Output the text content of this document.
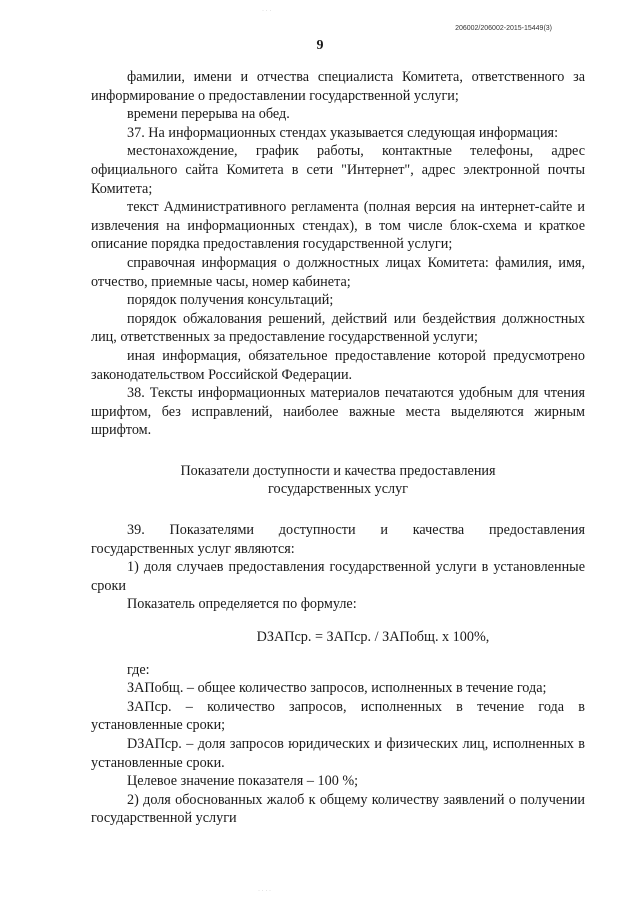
206002/206002-2015-15449(3)
9

фамилии, имени и отчества специалиста Комитета, ответственного за информирование о предоставлении государственной услуги;

времени перерыва на обед.

37. На информационных стендах указывается следующая информация:

местонахождение, график работы, контактные телефоны, адрес официального сайта Комитета в сети "Интернет", адрес электронной почты Комитета;

текст Административного регламента (полная версия на интернет-сайте и извлечения на информационных стендах), в том числе блок-схема и краткое описание порядка предоставления государственной услуги;

справочная информация о должностных лицах Комитета: фамилия, имя, отчество, приемные часы, номер кабинета;

порядок получения консультаций;

порядок обжалования решений, действий или бездействия должностных лиц, ответственных за предоставление государственной услуги;

иная информация, обязательное предоставление которой предусмотрено законодательством Российской Федерации.

38. Тексты информационных материалов печатаются удобным для чтения шрифтом, без исправлений, наиболее важные места выделяются жирным шрифтом.

Показатели доступности и качества предоставления
государственных услуг

39. Показателями доступности и качества предоставления государственных услуг являются:

1) доля случаев предоставления государственной услуги в установленные сроки

Показатель определяется по формуле:

DЗАПср. = ЗАПср. / ЗАПобщ. x 100%,

где:

ЗАПобщ. – общее количество запросов, исполненных в течение года;

ЗАПср. – количество запросов, исполненных в течение года в установленные сроки;

DЗАПср. – доля запросов юридических и физических лиц, исполненных в установленные сроки.

Целевое значение показателя – 100 %;

2) доля обоснованных жалоб к общему количеству заявлений о получении государственной услуги

· · ·
· · · ·
